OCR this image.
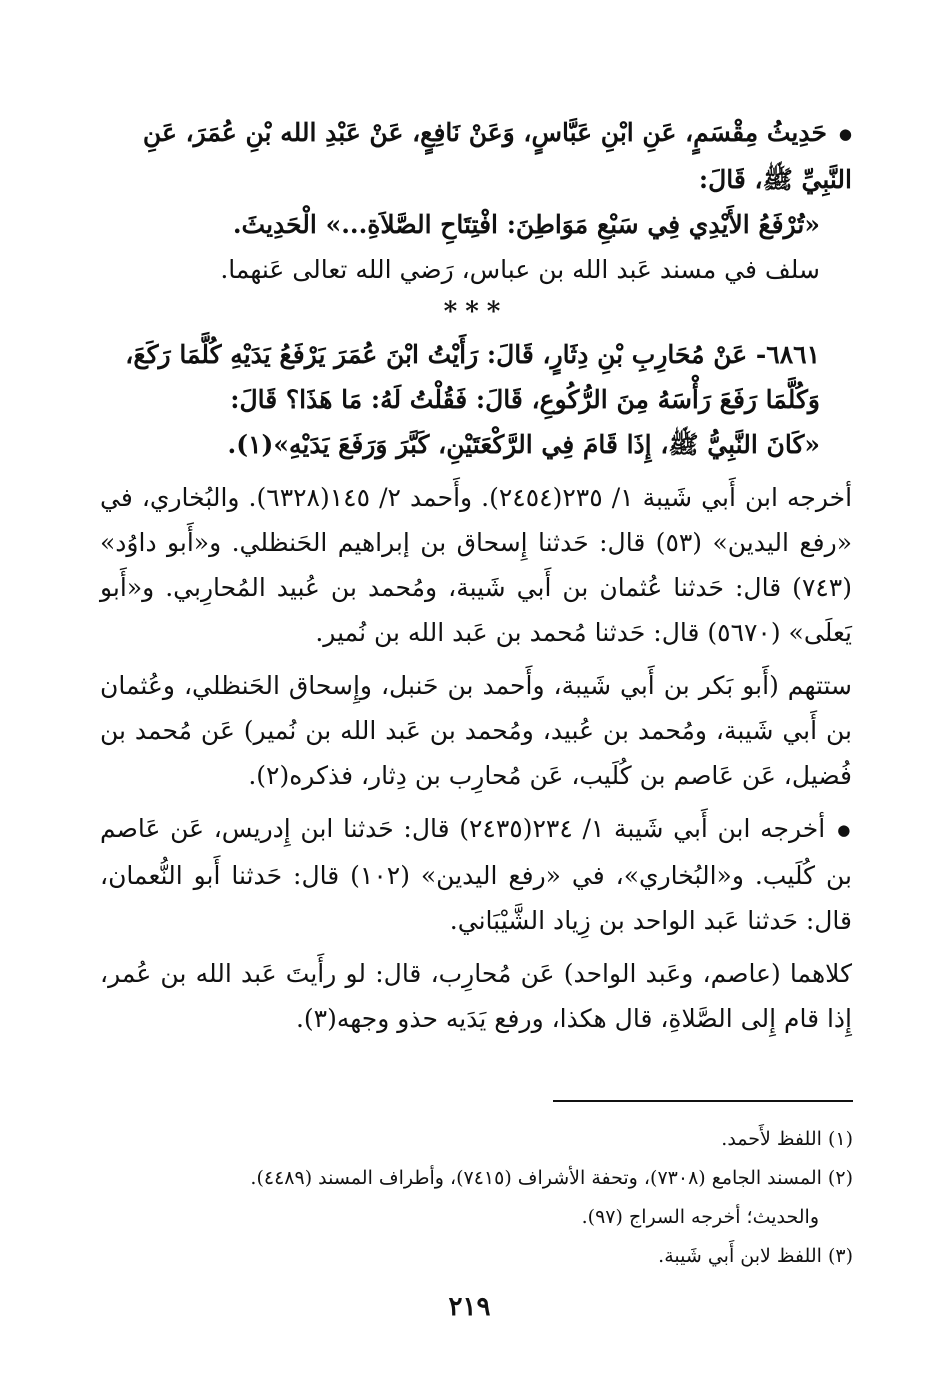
● حَدِيثُ مِقْسَمٍ، عَنِ ابْنِ عَبَّاسٍ، وَعَنْ نَافِعٍ، عَنْ عَبْدِ الله بْنِ عُمَرَ، عَنِ
النَّبِيِّ ﷺ، قَالَ:

«تُرْفَعُ الأَيْدِي فِي سَبْعِ مَوَاطِنَ: افْتِتَاحِ الصَّلاَةِ...» الْحَدِيثَ.

سلف في مسند عَبد الله بن عباس، رَضي الله تعالى عَنهما.

***

٦٨٦١- عَنْ مُحَارِبِ بْنِ دِثَارٍ، قَالَ: رَأَيْتُ ابْنَ عُمَرَ يَرْفَعُ يَدَيْهِ كُلَّمَا رَكَعَ،
وَكُلَّمَا رَفَعَ رَأْسَهُ مِنَ الرُّكُوعِ، قَالَ: فَقُلْتُ لَهُ: مَا هَذَا؟ قَالَ:

«كَانَ النَّبِيُّ ﷺ، إِذَا قَامَ فِي الرَّكْعَتَيْنِ، كَبَّرَ وَرَفَعَ يَدَيْهِ»(١).

أخرجه ابن أَبي شَيبة ١/ ٢٣٥(٢٤٥٤). وأَحمد ٢/ ١٤٥(٦٣٢٨). والبُخاري، في «رفع اليدين» (٥٣) قال: حَدثنا إِسحاق بن إبراهيم الحَنظلي. و«أَبو داوُد» (٧٤٣) قال: حَدثنا عُثمان بن أَبي شَيبة، ومُحمد بن عُبيد المُحارِبي. و«أَبو يَعلَى» (٥٦٧٠) قال: حَدثنا مُحمد بن عَبد الله بن نُمير.

ستتهم (أَبو بَكر بن أَبي شَيبة، وأَحمد بن حَنبل، وإِسحاق الحَنظلي، وعُثمان بن أَبي شَيبة، ومُحمد بن عُبيد، ومُحمد بن عَبد الله بن نُمير) عَن مُحمد بن فُضيل، عَن عَاصم بن كُلَيب، عَن مُحارِب بن دِثار، فذكره(٢).

● أخرجه ابن أَبي شَيبة ١/ ٢٣٤(٢٤٣٥) قال: حَدثنا ابن إِدريس، عَن عَاصم بن كُلَيب. و«البُخاري»، في «رفع اليدين» (١٠٢) قال: حَدثنا أَبو النُّعمان، قال: حَدثنا عَبد الواحد بن زِياد الشَّيْبَاني.

كلاهما (عاصم، وعَبد الواحد) عَن مُحارِب، قال: لو رأَيتَ عَبد الله بن عُمر، إِذا قام إِلى الصَّلاةِ، قال هكذا، ورفع يَدَيه حذو وجهه(٣).

(١) اللفظ لأَحمد.

(٢) المسند الجامع (٧٣٠٨)، وتحفة الأشراف (٧٤١٥)، وأطراف المسند (٤٤٨٩).

والحديث؛ أخرجه السراج (٩٧).

(٣) اللفظ لابن أَبي شَيبة.

٢١٩
